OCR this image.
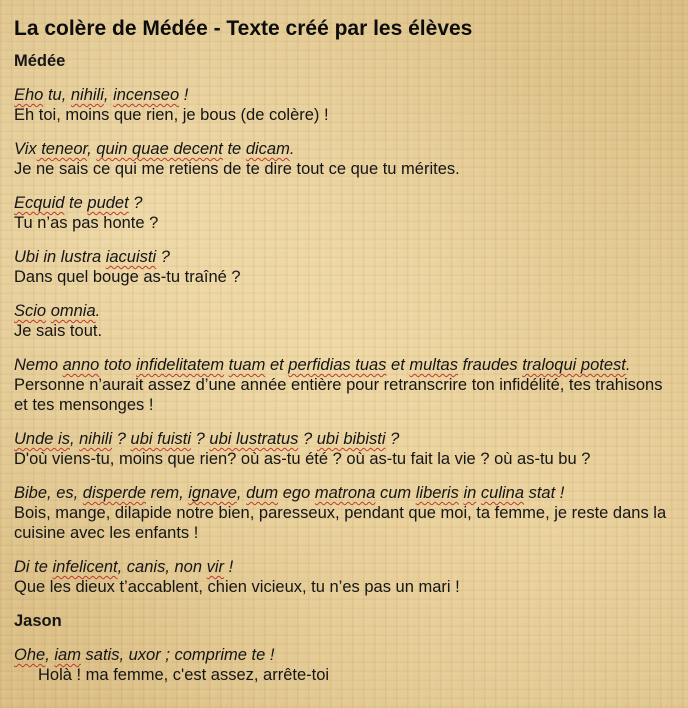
La colère de Médée - Texte créé par les élèves
Médée
Eho tu, nihili, incenseo !
Eh toi, moins que rien, je bous (de colère) !
Vix teneor, quin quae decent te dicam.
Je ne sais ce qui me retiens de te dire tout ce que tu mérites.
Ecquid te pudet ?
Tu n’as pas honte ?
Ubi in lustra iacuisti ?
Dans quel bouge as-tu traîné ?
Scio omnia.
Je sais tout.
Nemo anno toto infidelitatem tuam et perfidias tuas et multas fraudes traloqui potest.
Personne n’aurait assez d’une année entière pour retranscrire ton infidélité, tes trahisons et tes mensonges !
Unde is, nihili ? ubi fuisti ? ubi lustratus ? ubi bibisti ?
D'où viens-tu, moins que rien? où as-tu été ? où as-tu fait la vie ? où as-tu bu ?
Bibe, es, disperde rem, ignave, dum ego matrona cum liberis in culina stat !
Bois, mange, dilapide notre bien, paresseux, pendant que moi, ta femme, je reste dans la cuisine avec les enfants !
Di te infelicent, canis, non vir !
Que les dieux t’accablent, chien vicieux, tu n’es pas un mari !
Jason
Ohe, iam satis, uxor ; comprime te !
Holà ! ma femme, c'est assez, arrête-toi
